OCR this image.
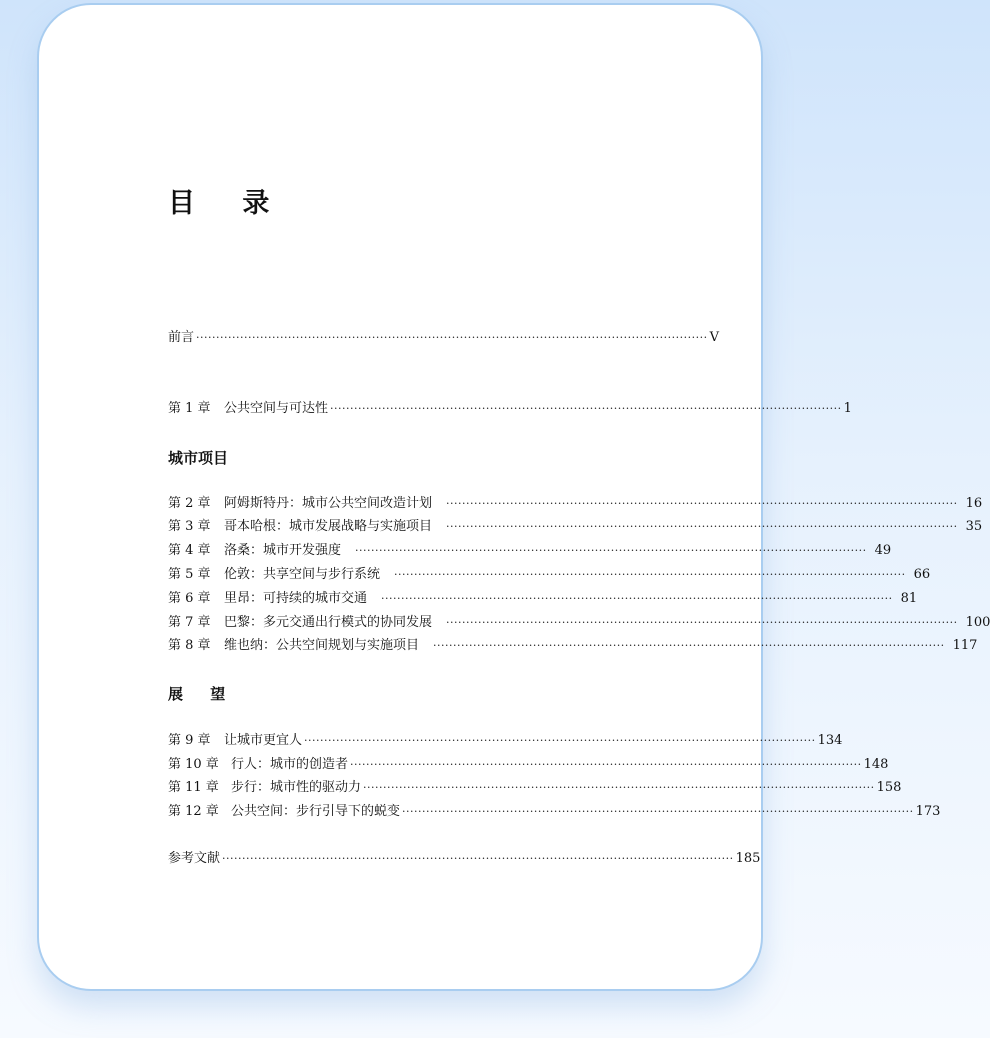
目 录
前言 ································································································································ V
第 1 章 公共空间与可达性 ································································································································ 1
城市项目
第 2 章 阿姆斯特丹：城市公共空间改造计划 ································································································································ 16
第 3 章 哥本哈根：城市发展战略与实施项目 ································································································································ 35
第 4 章 洛桑：城市开发强度 ································································································································ 49
第 5 章 伦敦：共享空间与步行系统 ································································································································ 66
第 6 章 里昂：可持续的城市交通 ································································································································ 81
第 7 章 巴黎：多元交通出行模式的协同发展 ································································································································ 100
第 8 章 维也纳：公共空间规划与实施项目 ································································································································ 117
展 望
第 9 章 让城市更宜人 ································································································································ 134
第 10 章 行人：城市的创造者 ································································································································ 148
第 11 章 步行：城市性的驱动力 ································································································································ 158
第 12 章 公共空间：步行引导下的蜕变 ································································································································ 173
参考文献 ································································································································ 185
